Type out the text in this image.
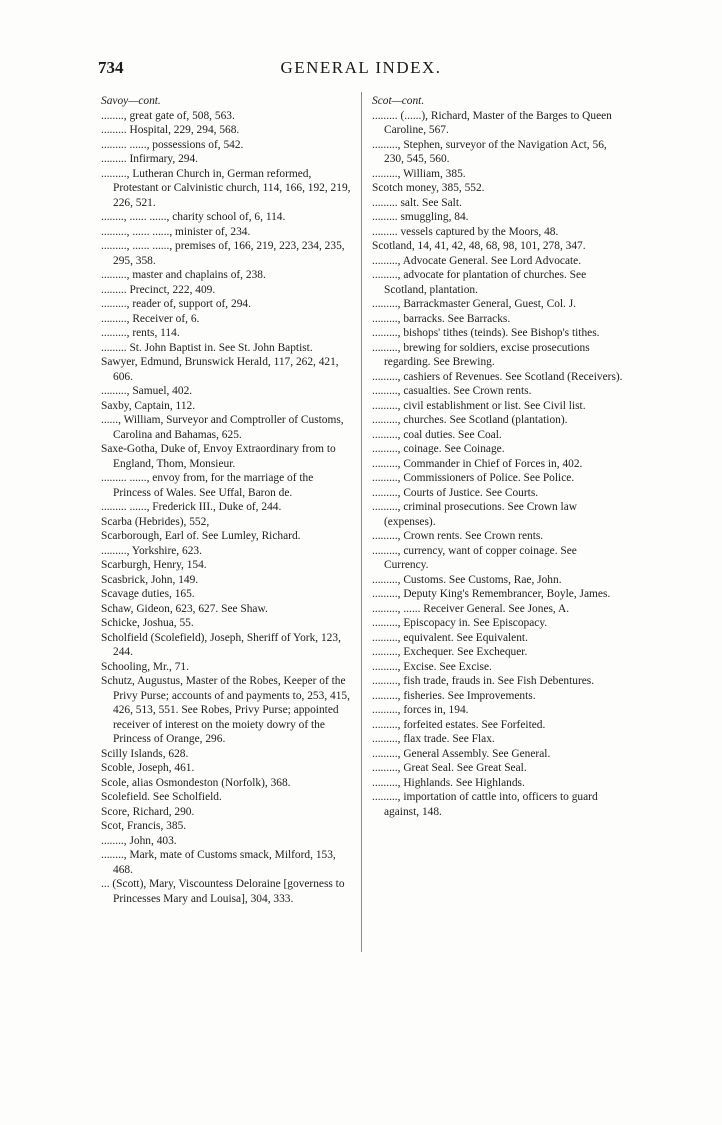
734	GENERAL INDEX.

Savoy—cont.

........, great gate of, 508, 563.

......... Hospital, 229, 294, 568.

......... ......, possessions of, 542.

......... Infirmary, 294.

........., Lutheran Church in, German reformed, Protestant or Calvinistic church, 114, 166, 192, 219, 226, 521.

........, ...... ......, charity school of, 6, 114.

........., ...... ......, minister of, 234.

........., ...... ......, premises of, 166, 219, 223, 234, 235, 295, 358.

........., master and chaplains of, 238.

......... Precinct, 222, 409.

........., reader of, support of, 294.

........., Receiver of, 6.

........., rents, 114.

......... St. John Baptist in. See St. John Baptist.

Sawyer, Edmund, Brunswick Herald, 117, 262, 421, 606.

........., Samuel, 402.

Saxby, Captain, 112.

......, William, Surveyor and Comptroller of Customs, Carolina and Bahamas, 625.

Saxe-Gotha, Duke of, Envoy Extraordinary from to England, Thom, Monsieur.

......... ......, envoy from, for the marriage of the Princess of Wales. See Uffal, Baron de.

......... ......, Frederick III., Duke of, 244.

Scarba (Hebrides), 552,

Scarborough, Earl of. See Lumley, Richard.

........., Yorkshire, 623.

Scarburgh, Henry, 154.

Scasbrick, John, 149.

Scavage duties, 165.

Schaw, Gideon, 623, 627. See Shaw.

Schicke, Joshua, 55.

Scholfield (Scolefield), Joseph, Sheriff of York, 123, 244.

Schooling, Mr., 71.

Schutz, Augustus, Master of the Robes, Keeper of the Privy Purse; accounts of and payments to, 253, 415, 426, 513, 551. See Robes, Privy Purse; appointed receiver of interest on the moiety dowry of the Princess of Orange, 296.

Scilly Islands, 628.

Scoble, Joseph, 461.

Scole, alias Osmondeston (Norfolk), 368.

Scolefield. See Scholfield.

Score, Richard, 290.

Scot, Francis, 385.

........, John, 403.

........, Mark, mate of Customs smack, Milford, 153, 468.

... (Scott), Mary, Viscountess Deloraine [governess to Princesses Mary and Louisa], 304, 333.

Scot—cont.

......... (......), Richard, Master of the Barges to Queen Caroline, 567.

........., Stephen, surveyor of the Navigation Act, 56, 230, 545, 560.

........., William, 385.

Scotch money, 385, 552.

......... salt. See Salt.

......... smuggling, 84.

......... vessels captured by the Moors, 48.

Scotland, 14, 41, 42, 48, 68, 98, 101, 278, 347.

........., Advocate General. See Lord Advocate.

........., advocate for plantation of churches. See Scotland, plantation.

........., Barrackmaster General, Guest, Col. J.

........., barracks. See Barracks.

........., bishops' tithes (teinds). See Bishop's tithes.

........., brewing for soldiers, excise prosecutions regarding. See Brewing.

........., cashiers of Revenues. See Scotland (Receivers).

........., casualties. See Crown rents.

........., civil establishment or list. See Civil list.

........., churches. See Scotland (plantation).

........., coal duties. See Coal.

........., coinage. See Coinage.

........., Commander in Chief of Forces in, 402.

........., Commissioners of Police. See Police.

........., Courts of Justice. See Courts.

........., criminal prosecutions. See Crown law (expenses).

........., Crown rents. See Crown rents.

........., currency, want of copper coinage. See Currency.

........., Customs. See Customs, Rae, John.

........., Deputy King's Remembrancer, Boyle, James.

........., ...... Receiver General. See Jones, A.

........., Episcopacy in. See Episcopacy.

........., equivalent. See Equivalent.

........., Exchequer. See Exchequer.

........., Excise. See Excise.

........., fish trade, frauds in. See Fish Debentures.

........., fisheries. See Improvements.

........., forces in, 194.

........., forfeited estates. See Forfeited.

........., flax trade. See Flax.

........., General Assembly. See General.

........., Great Seal. See Great Seal.

........., Highlands. See Highlands.

........., importation of cattle into, officers to guard against, 148.
